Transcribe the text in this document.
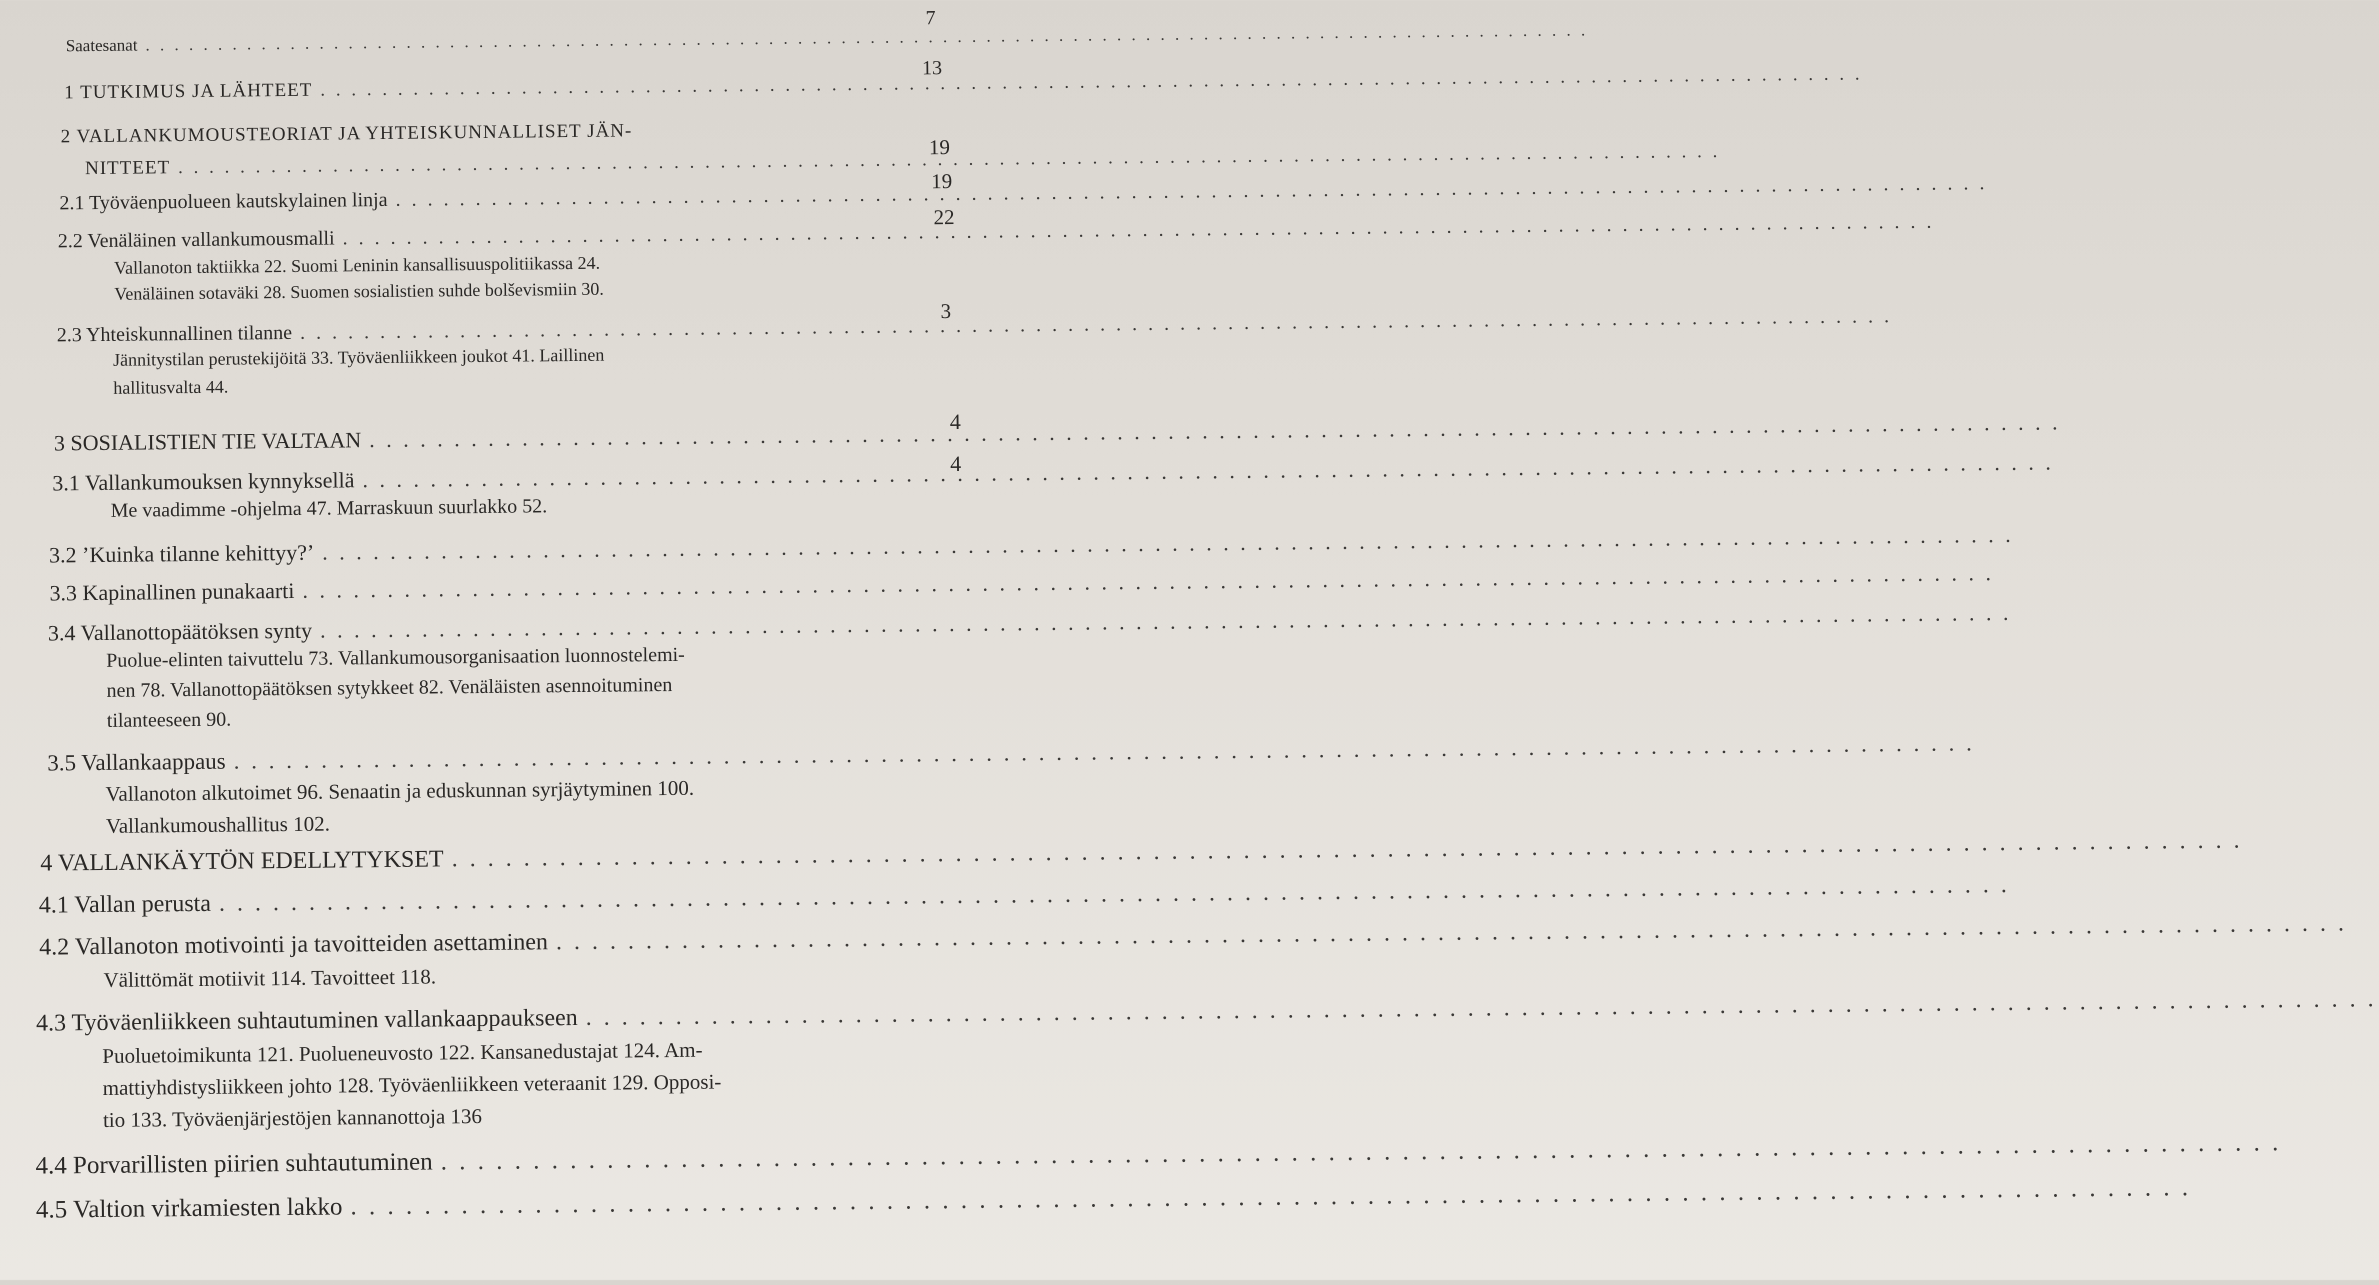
Saatesanat
. . .
7
1 TUTKIMUS JA LÄHTEET
. . .
13
2 VALLANKUMOUSTEORIAT JA YHTEISKUNNALLISET JÄN-
NITTEET
. . .
19
2.1 Työväenpuolueen kautskylainen linja
. . .
19
2.2 Venäläinen vallankumousmalli
. . .
22
Vallanoton taktiikka 22. Suomi Leninin kansallisuuspolitiikassa 24.
Venäläinen sotaväki 28. Suomen sosialistien suhde bolševismiin 30.
2.3 Yhteiskunnallinen tilanne
. . .
3
Jännitystilan perustekijöitä 33. Työväenliikkeen joukot 41. Laillinen
hallitusvalta 44.
3 SOSIALISTIEN TIE VALTAAN
. . .
4
3.1 Vallankumouksen kynnyksellä
. . .
4
Me vaadimme -ohjelma 47. Marraskuun suurlakko 52.
3.2 ’Kuinka tilanne kehittyy?’
. . .
3.3 Kapinallinen punakaarti
. . .
3.4 Vallanottopäätöksen synty
. . .
Puolue-elinten taivuttelu 73. Vallankumousorganisaation luonnostelemi-
nen 78. Vallanottopäätöksen sytykkeet 82. Venäläisten asennoituminen
tilanteeseen 90.
3.5 Vallankaappaus
. . .
Vallanoton alkutoimet 96. Senaatin ja eduskunnan syrjäytyminen 100.
Vallankumoushallitus 102.
4 VALLANKÄYTÖN EDELLYTYKSET
. . .
4.1 Vallan perusta
. . .
4.2 Vallanoton motivointi ja tavoitteiden asettaminen
. . .
Välittömät motiivit 114. Tavoitteet 118.
4.3 Työväenliikkeen suhtautuminen vallankaappaukseen
. . .
Puoluetoimikunta 121. Puolueneuvosto 122. Kansanedustajat 124. Am-
mattiyhdistysliikkeen johto 128. Työväenliikkeen veteraanit 129. Opposi-
tio 133. Työväenjärjestöjen kannanottoja 136
4.4 Porvarillisten piirien suhtautuminen
. . .
4.5 Valtion virkamiesten lakko
. . .
